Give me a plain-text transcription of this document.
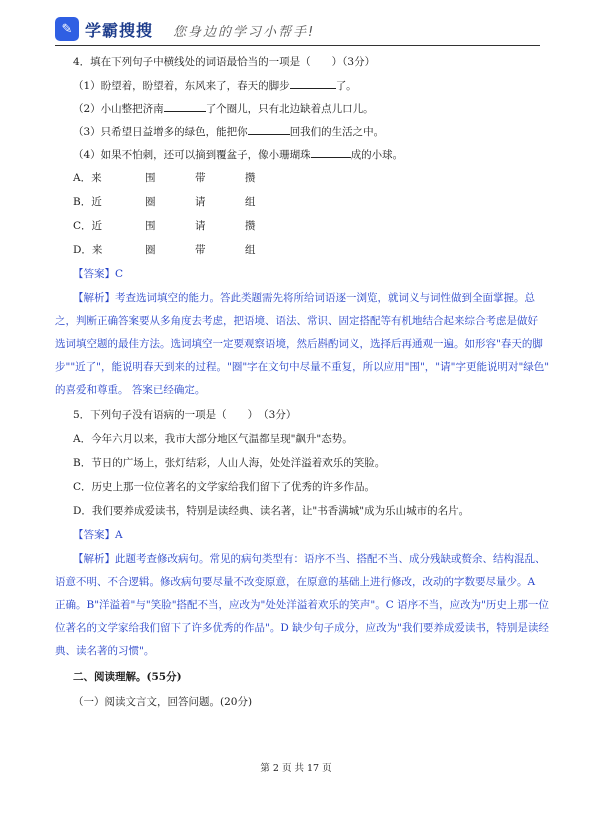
✎ 学霸搜搜 您身边的学习小帮手!
4．填在下列句子中横线处的词语最恰当的一项是（　　）（3分）
（1）盼望着，盼望着，东风来了，春天的脚步	了。
（2）小山整把济南	了个圈儿，只有北边缺着点儿口儿。
（3）只希望日益增多的绿色，能把你	回我们的生活之中。
（4）如果不怕刺，还可以摘到覆盆子，像小珊瑚珠	成的小球。
A．来	围	带	攒
B．近	圈	请	组
C．近	围	请	攒
D．来	圈	带	组
【答案】C
【解析】考查选词填空的能力。答此类题需先将所给词语逐一浏览，就词义与词性做到全面掌握。总
之，判断正确答案要从多角度去考虑，把语境、语法、常识、固定搭配等有机地结合起来综合考虑是做好
选词填空题的最佳方法。选词填空一定要观察语境，然后斟酌词义，选择后再通观一遍。如形容"春天的脚
步""近了"，能说明春天到来的过程。"圈"字在文句中尽量不重复，所以应用"围"，"请"字更能说明对"绿色"
的喜爱和尊重。 答案已经确定。
5．下列句子没有语病的一项是（　　）　（3分）
A．今年六月以来，我市大部分地区气温都呈现"飙升"态势。
B．节日的广场上，张灯结彩，人山人海，处处洋溢着欢乐的笑脸。
C．历史上那一位位著名的文学家给我们留下了优秀的许多作品。
D．我们要养成爱读书，特别是读经典、读名著，让"书香满城"成为乐山城市的名片。
【答案】A
【解析】此题考查修改病句。常见的病句类型有：语序不当、搭配不当、成分残缺或赘余、结构混乱、
语意不明、不合逻辑。修改病句要尽量不改变原意，在原意的基础上进行修改，改动的字数要尽量少。A
正确。B"洋溢着"与"笑脸"搭配不当，应改为"处处洋溢着欢乐的笑声"。C 语序不当，应改为"历史上那一位
位著名的文学家给我们留下了许多优秀的作品"。D 缺少句子成分，应改为"我们要养成爱读书，特别是读经
典、读名著的习惯"。
二、阅读理解。(55分)
（一）阅读文言文，回答问题。(20分)
第 2 页 共 17 页
